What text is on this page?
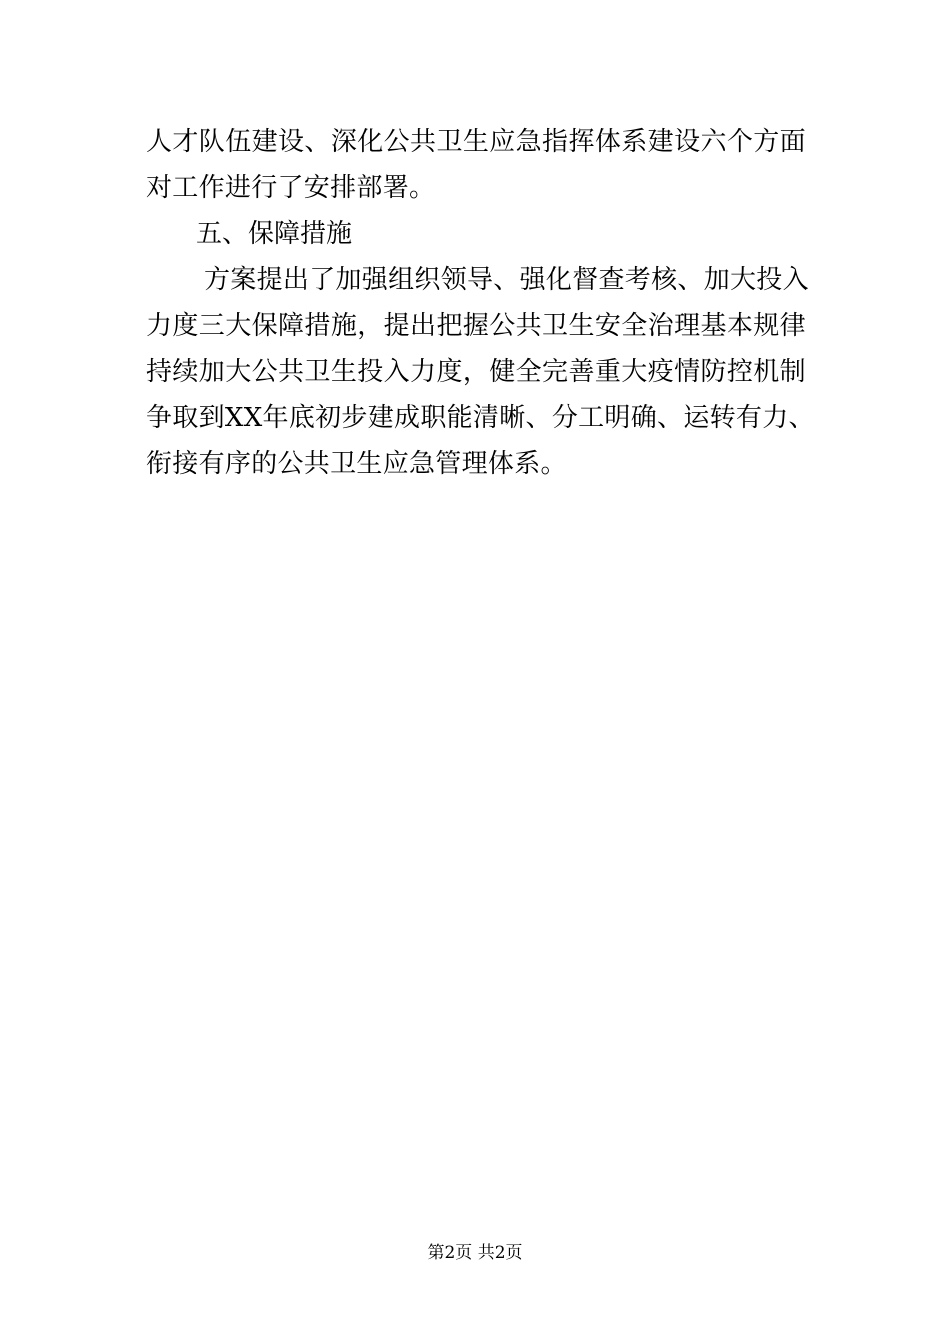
人才队伍建设、深化公共卫生应急指挥体系建设六个方面
对工作进行了安排部署。
五、保障措施
方案提出了加强组织领导、强化督查考核、加大投入
力度三大保障措施，提出把握公共卫生安全治理基本规律
持续加大公共卫生投入力度，健全完善重大疫情防控机制
争取到XX年底初步建成职能清晰、分工明确、运转有力、
衔接有序的公共卫生应急管理体系。
第2页 共2页
